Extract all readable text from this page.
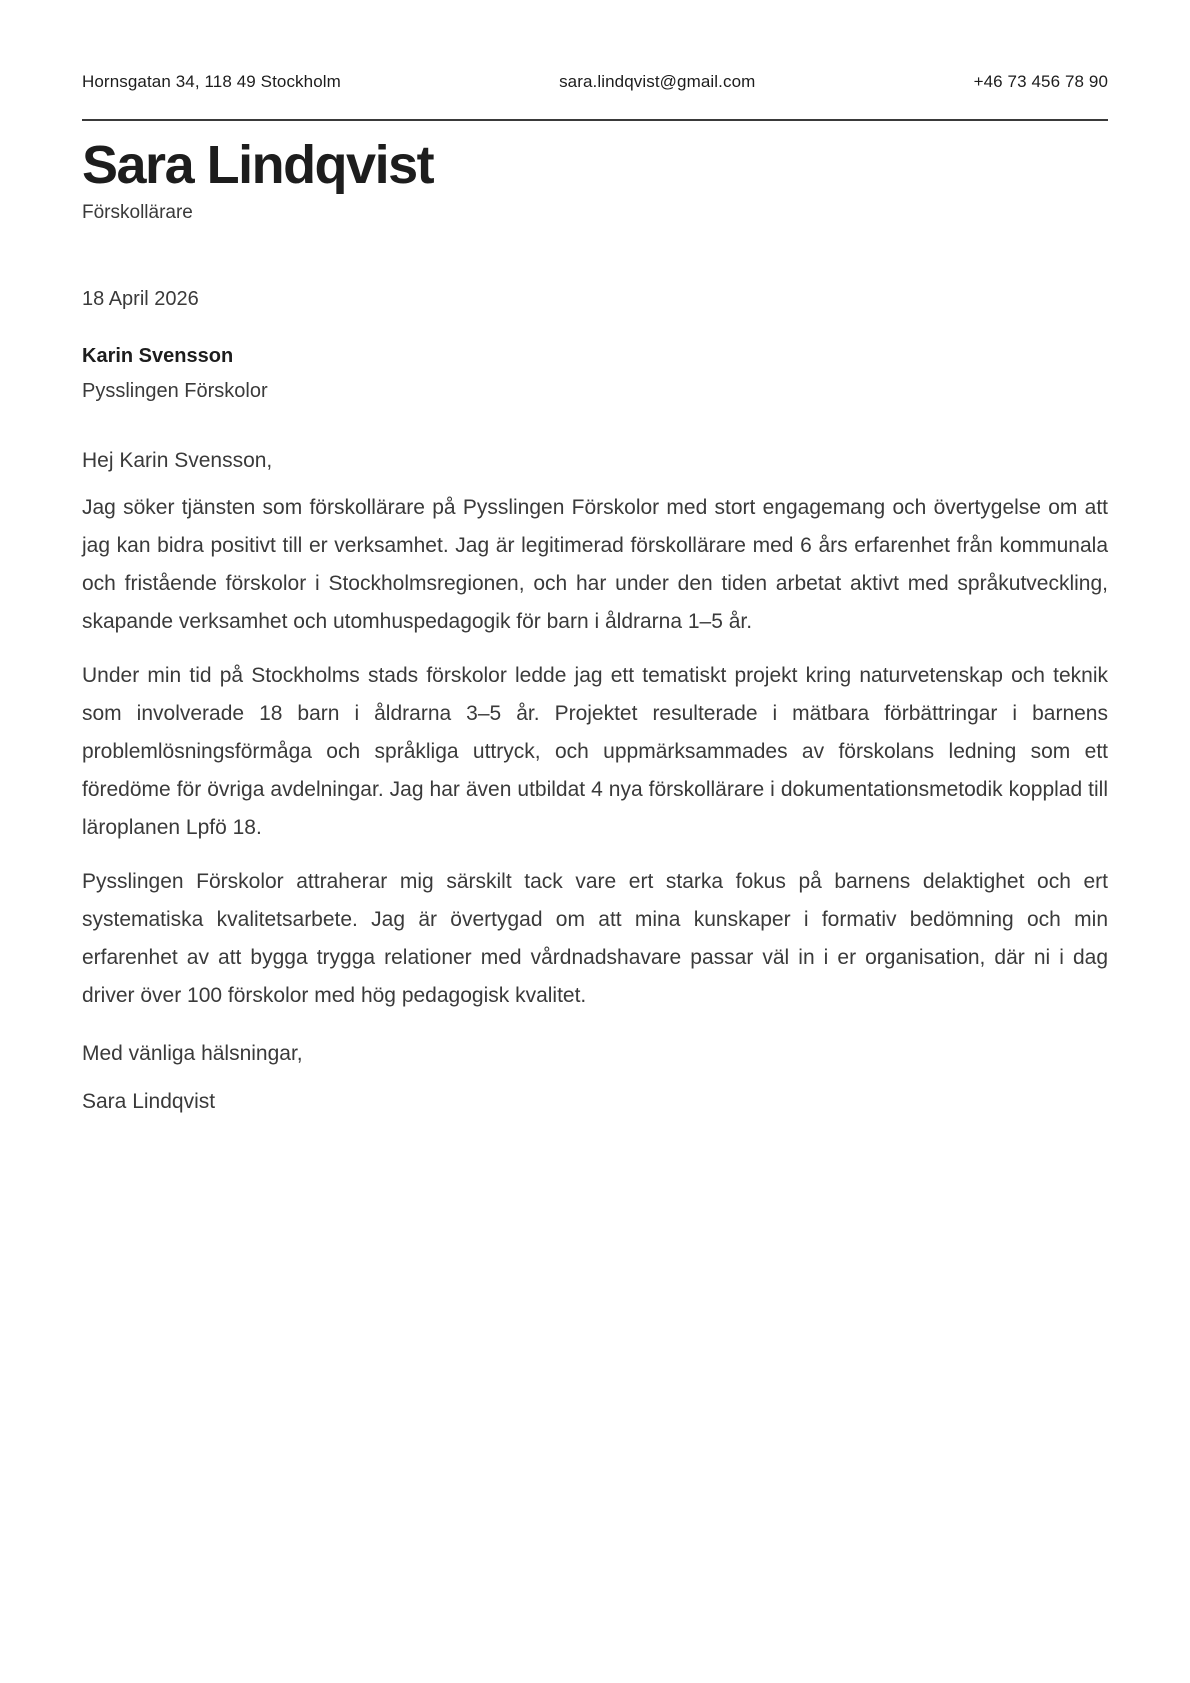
Hornsgatan 34, 118 49 Stockholm	sara.lindqvist@gmail.com	+46 73 456 78 90
Sara Lindqvist
Förskollärare
18 April 2026
Karin Svensson
Pysslingen Förskolor

Hej Karin Svensson,

Jag söker tjänsten som förskollärare på Pysslingen Förskolor med stort engagemang och övertygelse om att jag kan bidra positivt till er verksamhet. Jag är legitimerad förskollärare med 6 års erfarenhet från kommunala och fristående förskolor i Stockholmsregionen, och har under den tiden arbetat aktivt med språkutveckling, skapande verksamhet och utomhuspedagogik för barn i åldrarna 1–5 år.

Under min tid på Stockholms stads förskolor ledde jag ett tematiskt projekt kring naturvetenskap och teknik som involverade 18 barn i åldrarna 3–5 år. Projektet resulterade i mätbara förbättringar i barnens problemlösningsförmåga och språkliga uttryck, och uppmärksammades av förskolans ledning som ett föredöme för övriga avdelningar. Jag har även utbildat 4 nya förskollärare i dokumentationsmetodik kopplad till läroplanen Lpfö 18.

Pysslingen Förskolor attraherar mig särskilt tack vare ert starka fokus på barnens delaktighet och ert systematiska kvalitetsarbete. Jag är övertygad om att mina kunskaper i formativ bedömning och min erfarenhet av att bygga trygga relationer med vårdnadshavare passar väl in i er organisation, där ni i dag driver över 100 förskolor med hög pedagogisk kvalitet.

Med vänliga hälsningar,

Sara Lindqvist
